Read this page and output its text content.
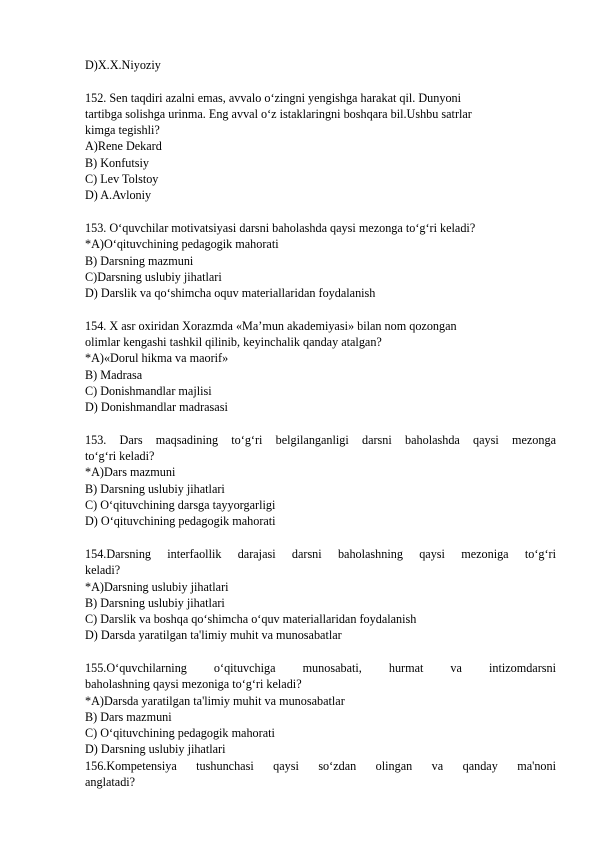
D)X.X.Niyoziy
152. Sen taqdiri azalni emas, avvalo o‘zingni yengishga harakat qil. Dunyoni
tartibga solishga urinma. Eng avval o‘z istaklaringni boshqara bil.Ushbu satrlar
kimga tegishli?
A)Rene Dekard
B) Konfutsiy
C) Lev Tolstoy
D) A.Avloniy
153. O‘quvchilar motivatsiyasi darsni baholashda qaysi mezonga to‘g‘ri keladi?
*A)O‘qituvchining pedagogik mahorati
B) Darsning mazmuni
C)Darsning uslubiy jihatlari
D) Darslik va qo‘shimcha oquv materiallaridan foydalanish
154. X asr oxiridan Xorazmda «Ma’mun akademiyasi» bilan nom qozongan
olimlar kengashi tashkil qilinib, keyinchalik qanday atalgan?
*A)«Dorul hikma va maorif»
B) Madrasa
C) Donishmandlar majlisi
D) Donishmandlar madrasasi
153. Dars maqsadining to‘g‘ri belgilanganligi darsni baholashda qaysi mezonga
to‘g‘ri keladi?
*A)Dars mazmuni
B) Darsning uslubiy jihatlari
C) O‘qituvchining darsga tayyorgarligi
D) O‘qituvchining pedagogik mahorati
154.Darsning interfaollik darajasi darsni baholashning qaysi mezoniga to‘g‘ri
keladi?
*A)Darsning uslubiy jihatlari
B) Darsning uslubiy jihatlari
C) Darslik va boshqa qo‘shimcha o‘quv materiallaridan foydalanish
D) Darsda yaratilgan ta'limiy muhit va munosabatlar
155.O‘quvchilarning o‘qituvchiga munosabati, hurmat va intizomdarsni
baholashning qaysi mezoniga to‘g‘ri keladi?
*A)Darsda yaratilgan ta'limiy muhit va munosabatlar
B) Dars mazmuni
C) O‘qituvchining pedagogik mahorati
D) Darsning uslubiy jihatlari
156.Kompetensiya tushunchasi qaysi so‘zdan olingan va qanday ma'noni
anglatadi?
